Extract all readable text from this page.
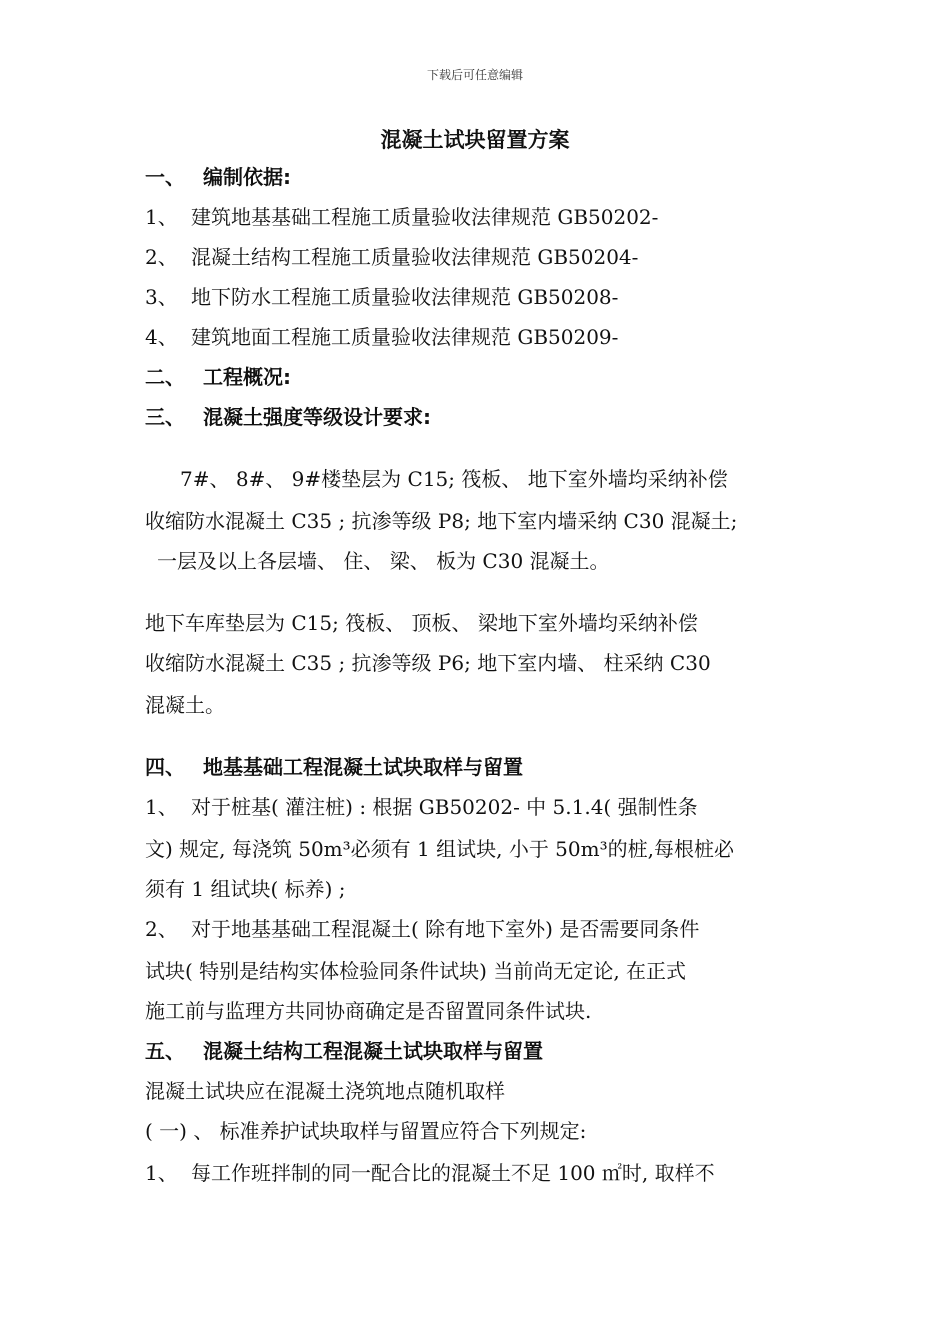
下载后可任意编辑
混凝土试块留置方案
一、 编制依据:
1、 建筑地基基础工程施工质量验收法律规范 GB50202-
2、 混凝土结构工程施工质量验收法律规范 GB50204-
3、 地下防水工程施工质量验收法律规范 GB50208-
4、 建筑地面工程施工质量验收法律规范 GB50209-
二、 工程概况:
三、 混凝土强度等级设计要求:
7#、 8#、 9#楼垫层为 C15; 筏板、 地下室外墙均采纳补偿
收缩防水混凝土 C35 ; 抗渗等级 P8; 地下室内墙采纳 C30 混凝土;
一层及以上各层墙、 住、 梁、 板为 C30 混凝土。
地下车库垫层为 C15; 筏板、 顶板、 梁地下室外墙均采纳补偿
收缩防水混凝土 C35 ; 抗渗等级 P6; 地下室内墙、 柱采纳 C30
混凝土。
四、 地基基础工程混凝土试块取样与留置
1、 对于桩基( 灌注桩) : 根据 GB50202- 中 5.1.4( 强制性条
文) 规定, 每浇筑 50m³必须有 1 组试块, 小于 50m³的桩,每根桩必
须有 1 组试块( 标养) ;
2、 对于地基基础工程混凝土( 除有地下室外) 是否需要同条件
试块( 特别是结构实体检验同条件试块) 当前尚无定论, 在正式
施工前与监理方共同协商确定是否留置同条件试块.
五、 混凝土结构工程混凝土试块取样与留置
混凝土试块应在混凝土浇筑地点随机取样
( 一) 、 标准养护试块取样与留置应符合下列规定:
1、 每工作班拌制的同一配合比的混凝土不足 100 ㎡时, 取样不
